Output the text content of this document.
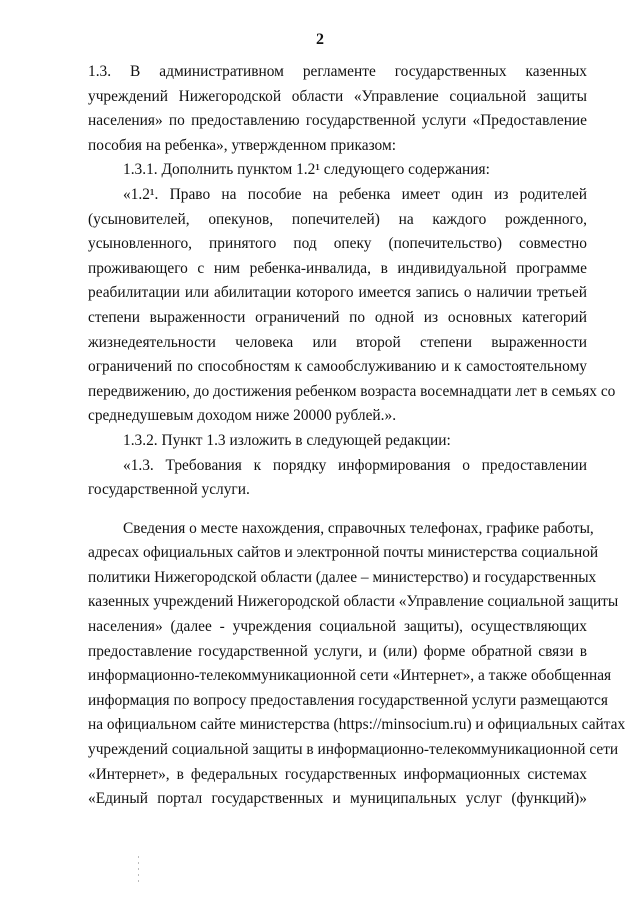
2
1.3. В административном регламенте государственных казенных
учреждений Нижегородской области «Управление социальной защиты
населения» по предоставлению государственной услуги «Предоставление
пособия на ребенка», утвержденном приказом:
1.3.1. Дополнить пунктом 1.2¹ следующего содержания:
«1.2¹. Право на пособие на ребенка имеет один из родителей
(усыновителей, опекунов, попечителей) на каждого рожденного,
усыновленного, принятого под опеку (попечительство) совместно
проживающего с ним ребенка-инвалида, в индивидуальной программе
реабилитации или абилитации которого имеется запись о наличии третьей
степени выраженности ограничений по одной из основных категорий
жизнедеятельности человека или второй степени выраженности
ограничений по способностям к самообслуживанию и к самостоятельному
передвижению, до достижения ребенком возраста восемнадцати лет в семьях со
среднедушевым доходом ниже 20000 рублей.».
1.3.2. Пункт 1.3 изложить в следующей редакции:
«1.3. Требования к порядку информирования о предоставлении
государственной услуги.
Сведения о месте нахождения, справочных телефонах, графике работы,
адресах официальных сайтов и электронной почты министерства социальной
политики Нижегородской области (далее – министерство) и государственных
казенных учреждений Нижегородской области «Управление социальной защиты
населения» (далее - учреждения социальной защиты), осуществляющих
предоставление государственной услуги, и (или) форме обратной связи в
информационно-телекоммуникационной сети «Интернет», а также обобщенная
информация по вопросу предоставления государственной услуги размещаются
на официальном сайте министерства (https://minsocium.ru) и официальных сайтах
учреждений социальной защиты в информационно-телекоммуникационной сети
«Интернет», в федеральных государственных информационных системах
«Единый портал государственных и муниципальных услуг (функций)»
